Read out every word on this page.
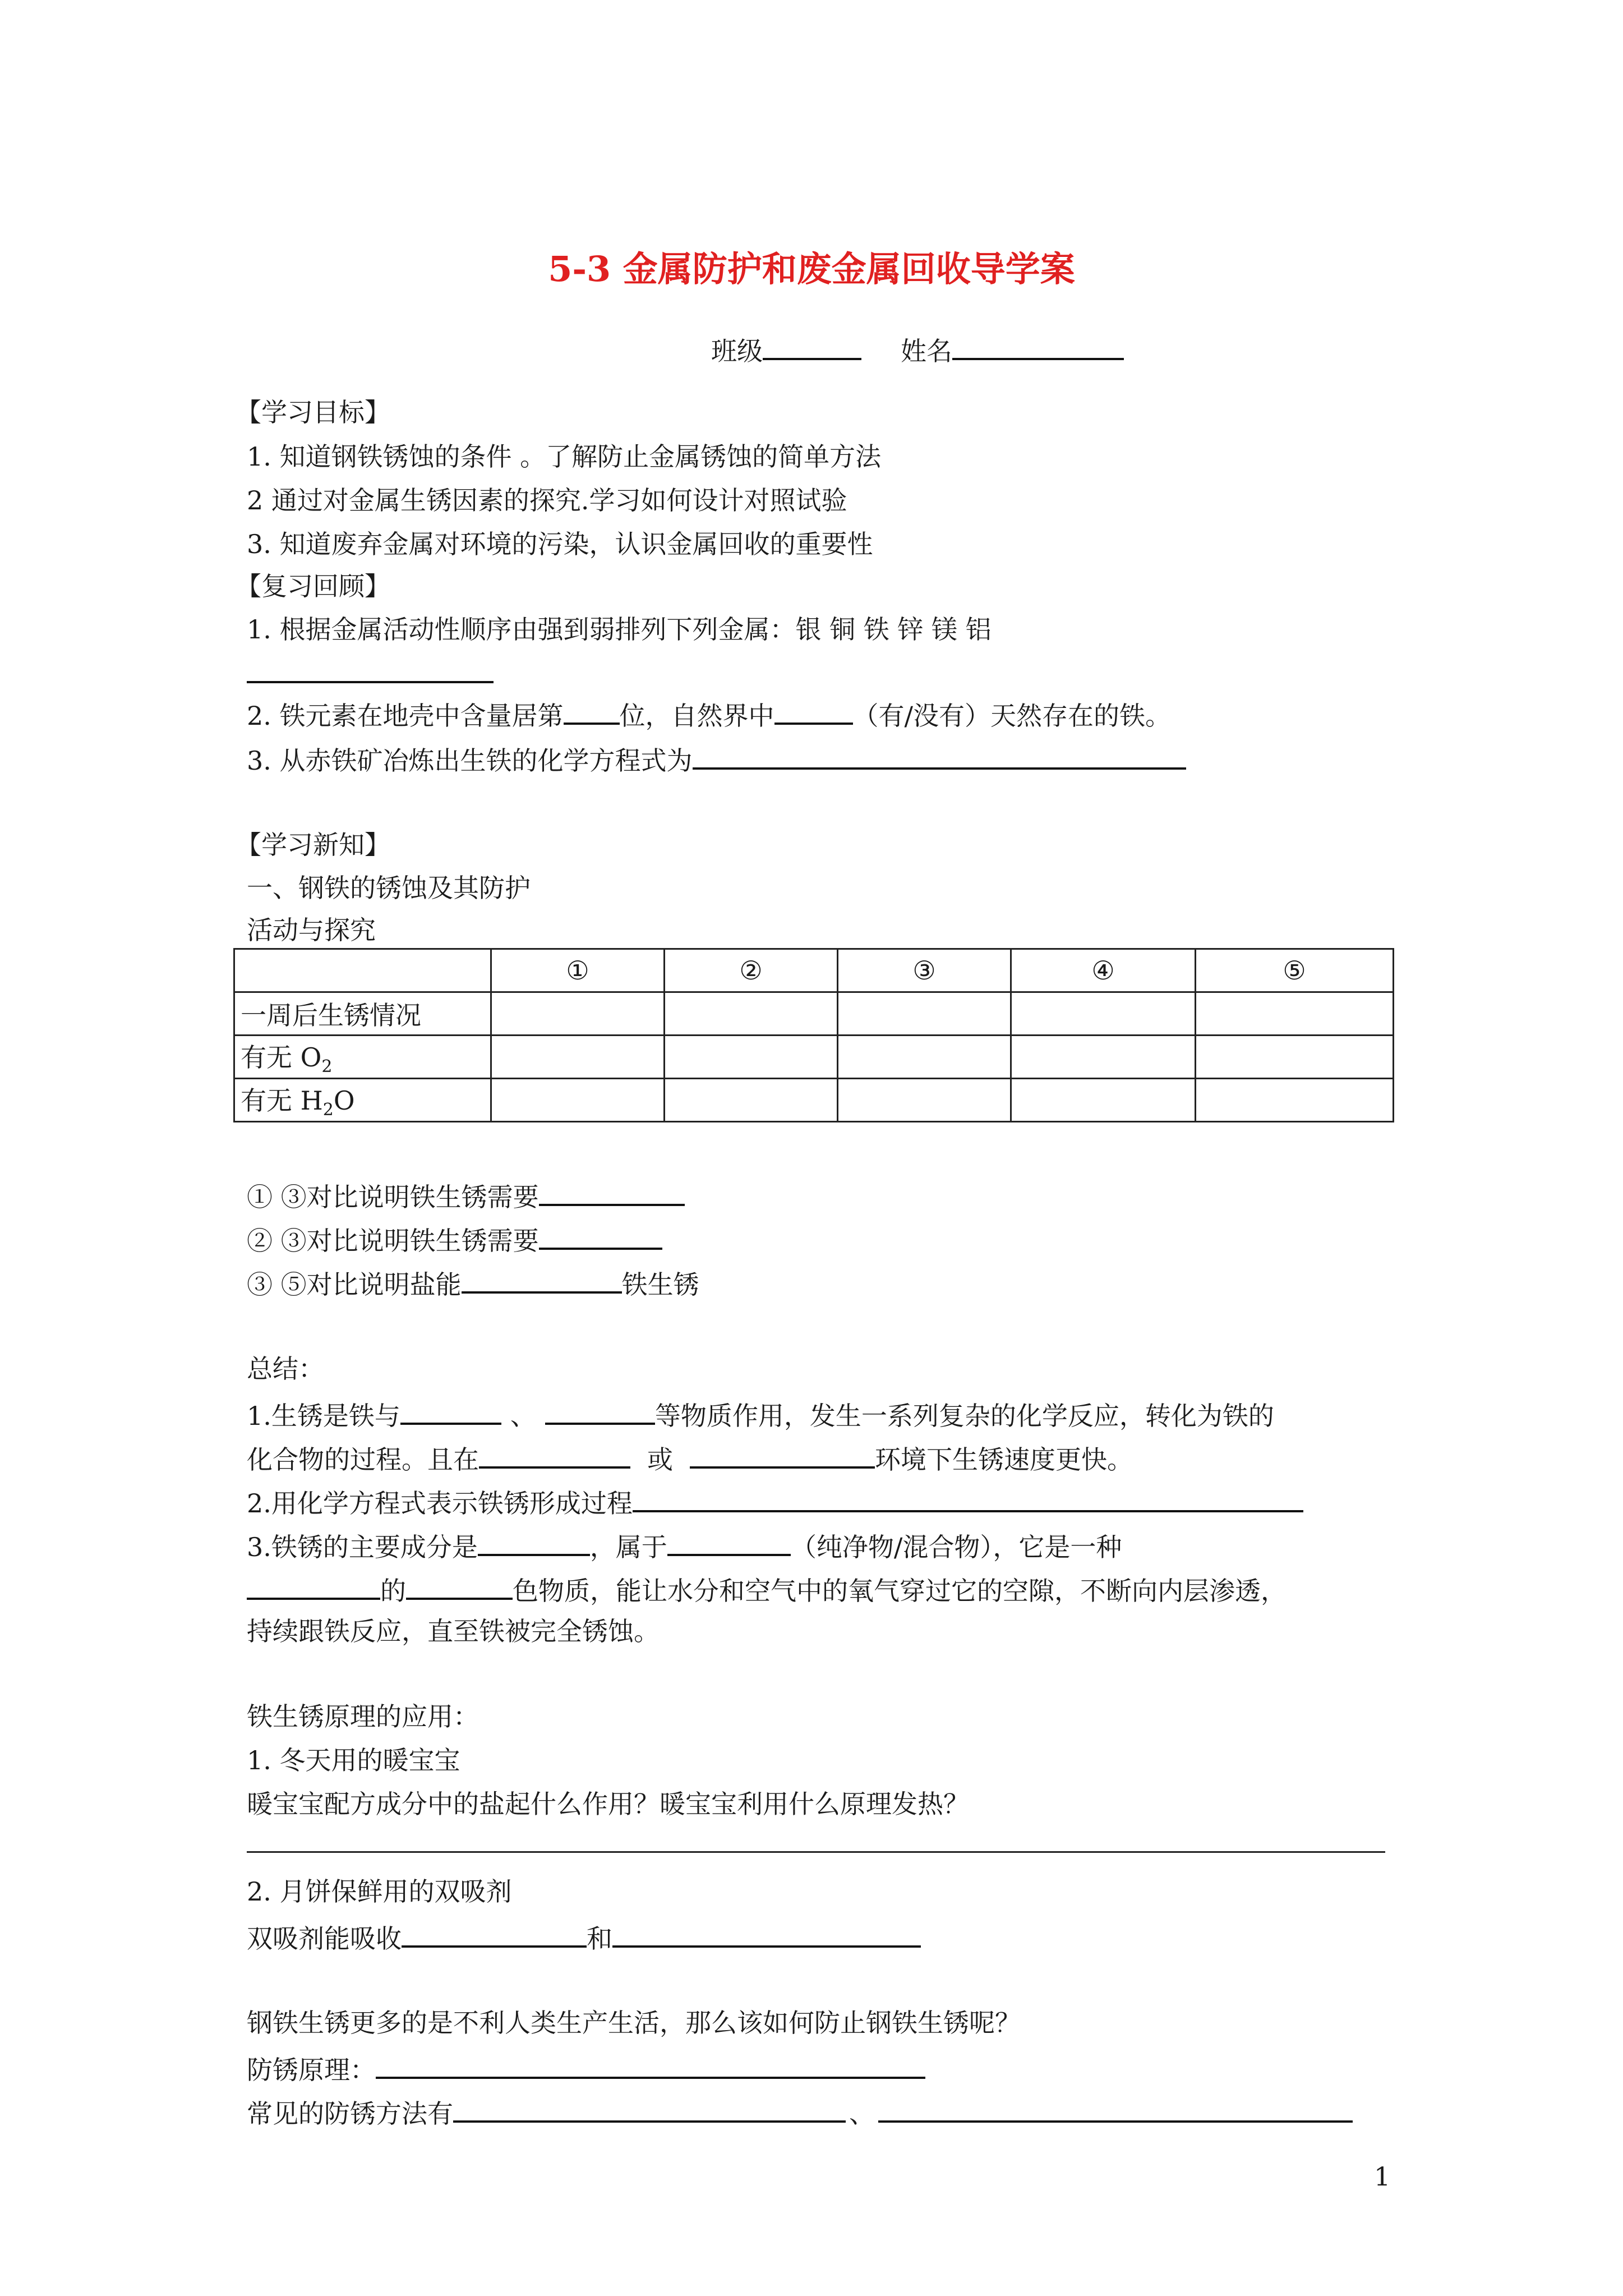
5-3 金属防护和废金属回收导学案
班级	姓名
【学习目标】
1. 知道钢铁锈蚀的条件 。了解防止金属锈蚀的简单方法
2 通过对金属生锈因素的探究.学习如何设计对照试验
3. 知道废弃金属对环境的污染，认识金属回收的重要性
【复习回顾】
1. 根据金属活动性顺序由强到弱排列下列金属：银 铜 铁 锌 镁 铝
2. 铁元素在地壳中含量居第 位，自然界中	（有/没有）天然存在的铁。
3. 从赤铁矿冶炼出生铁的化学方程式为
【学习新知】
一、钢铁的锈蚀及其防护
活动与探究
	①	②	③	④	⑤
一周后生锈情况					
有无 $O_2$					
有无 $H_2O$					
① ③对比说明铁生锈需要
② ③对比说明铁生锈需要
③ ⑤对比说明盐能	铁生锈
总结：
1.生锈是铁与	、	等物质作用，发生一系列复杂的化学反应，转化为铁的
化合物的过程。且在	或	环境下生锈速度更快。
2.用化学方程式表示铁锈形成过程
3.铁锈的主要成分是	，属于	（纯净物/混合物），它是一种
的	色物质，能让水分和空气中的氧气穿过它的空隙，不断向内层渗透，
持续跟铁反应，直至铁被完全锈蚀。
铁生锈原理的应用：
1. 冬天用的暖宝宝
暖宝宝配方成分中的盐起什么作用？暖宝宝利用什么原理发热？
2. 月饼保鲜用的双吸剂
双吸剂能吸收	和
钢铁生锈更多的是不利人类生产生活，那么该如何防止钢铁生锈呢？
防锈原理：
常见的防锈方法有	、
1
